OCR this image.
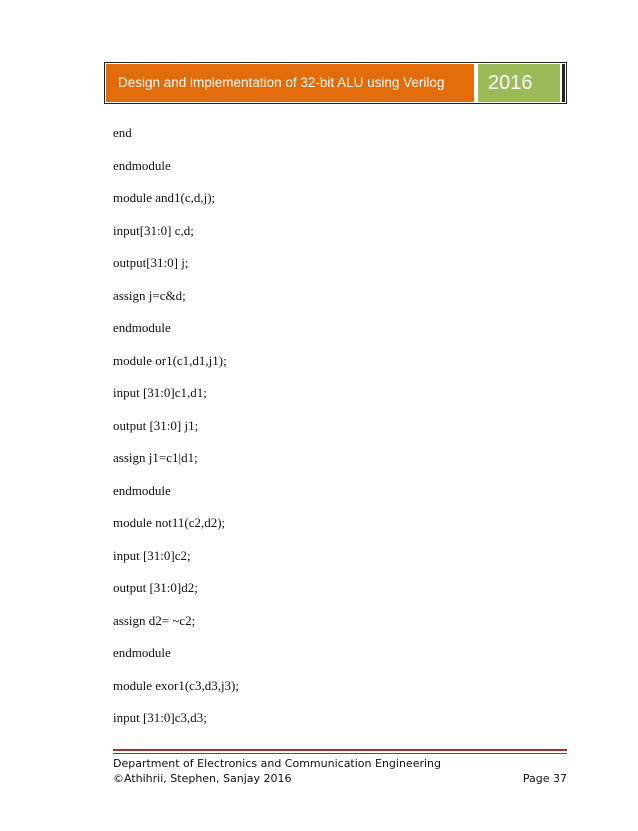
Design and implementation of 32-bit ALU using Verilog	2016
end
endmodule
module and1(c,d,j);
input[31:0] c,d;
output[31:0] j;
assign j=c&d;
endmodule
module or1(c1,d1,j1);
input [31:0]c1,d1;
output [31:0] j1;
assign j1=c1|d1;
endmodule
module not11(c2,d2);
input [31:0]c2;
output [31:0]d2;
assign d2= ~c2;
endmodule
module exor1(c3,d3,j3);
input [31:0]c3,d3;
Department of Electronics and Communication Engineering
©Athihrii, Stephen, Sanjay 2016	Page 37
